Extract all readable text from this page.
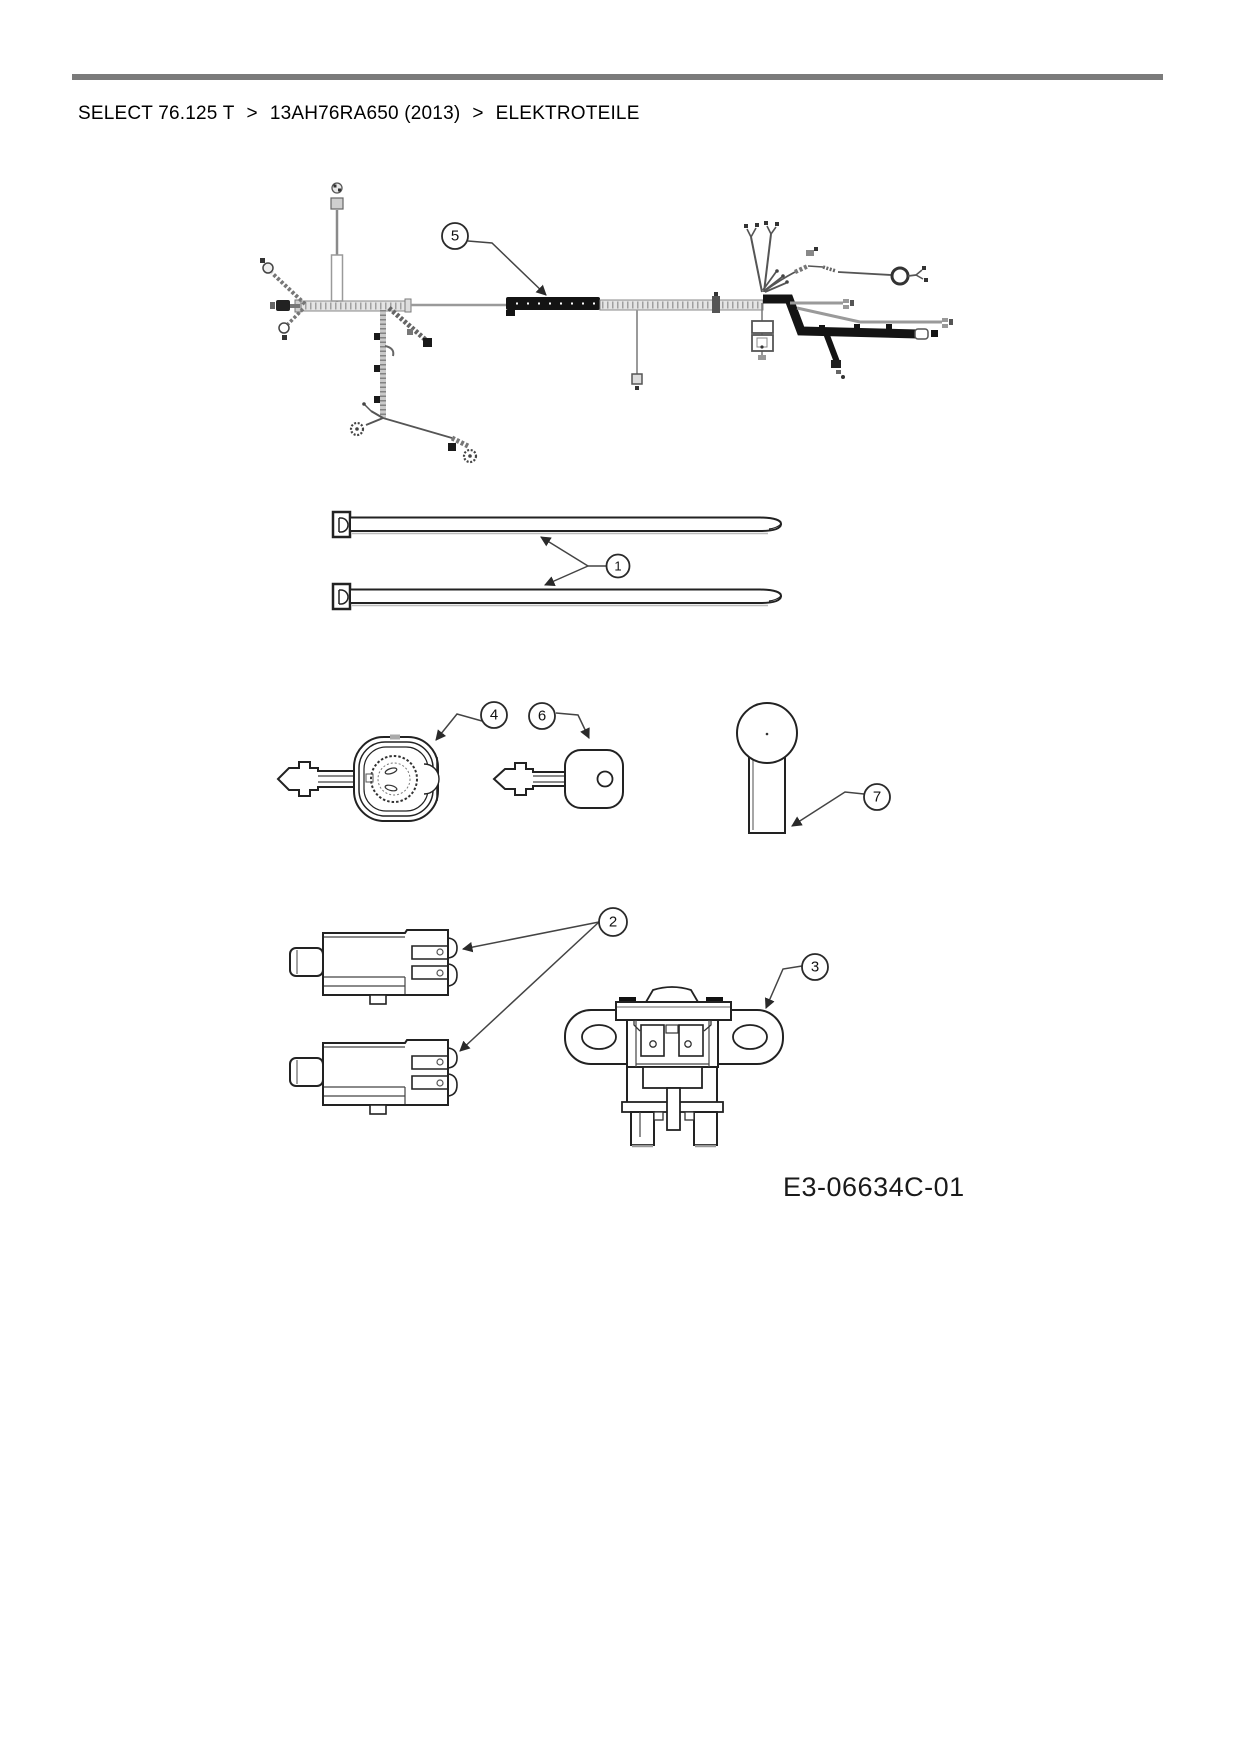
SELECT 76.125 T > 13AH76RA650 (2013) > ELEKTROTEILE
5
1
4	6
7
2
3
E3-06634C-01
